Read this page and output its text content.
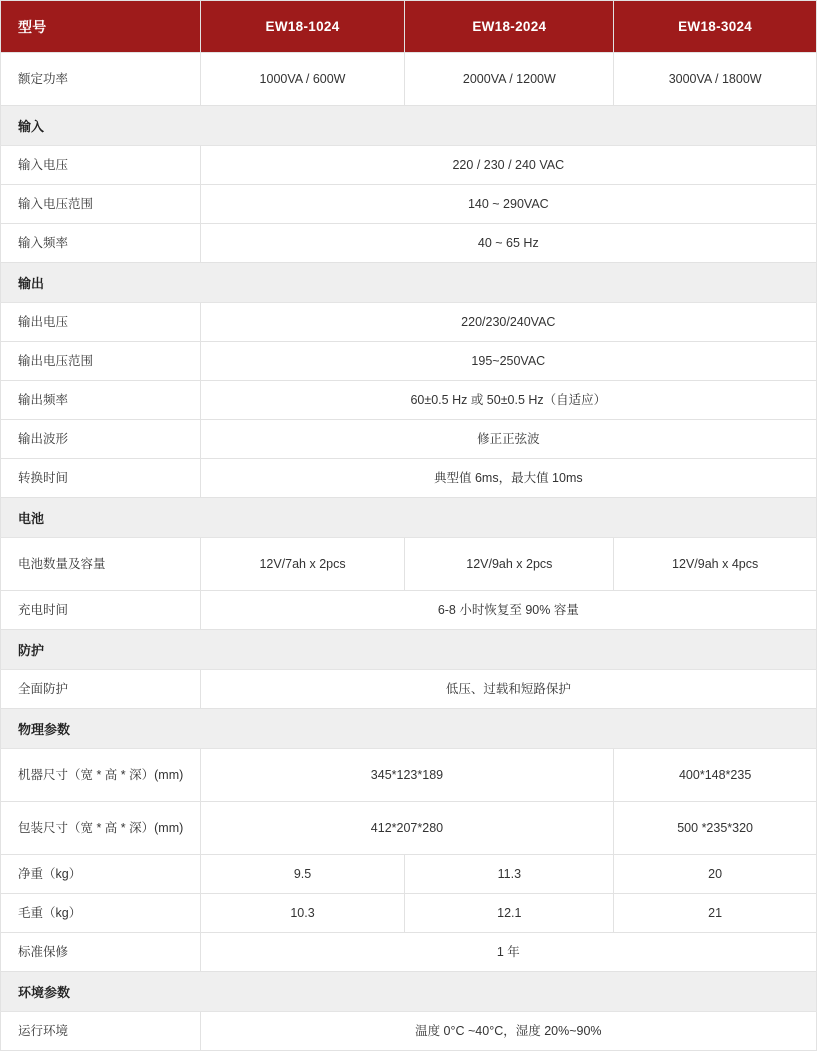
型号	EW18-1024	EW18-2024	EW18-3024
额定功率	1000VA / 600W	2000VA / 1200W	3000VA / 1800W
输入			
输入电压	220 / 230 / 240 VAC		
输入电压范围	140 ~ 290VAC		
输入频率	40 ~ 65 Hz		
输出			
输出电压	220/230/240VAC		
输出电压范围	195~250VAC		
输出频率	60±0.5 Hz 或 50±0.5 Hz（自适应）		
输出波形	修正正弦波		
转换时间	典型值 6ms，最大值 10ms		
电池			
电池数量及容量	12V/7ah x 2pcs	12V/9ah x 2pcs	12V/9ah x 4pcs
充电时间	6-8 小时恢复至 90% 容量		
防护			
全面防护	低压、过载和短路保护		
物理参数			
机器尺寸（宽 * 高 * 深）(mm)	345*123*189		400*148*235
包装尺寸（宽 * 高 * 深）(mm)	412*207*280		500 *235*320
净重（kg）	9.5	11.3	20
毛重（kg）	10.3	12.1	21
标准保修	1 年		
环境参数			
运行环境	温度 0°C ~40°C，湿度 20%~90%		
